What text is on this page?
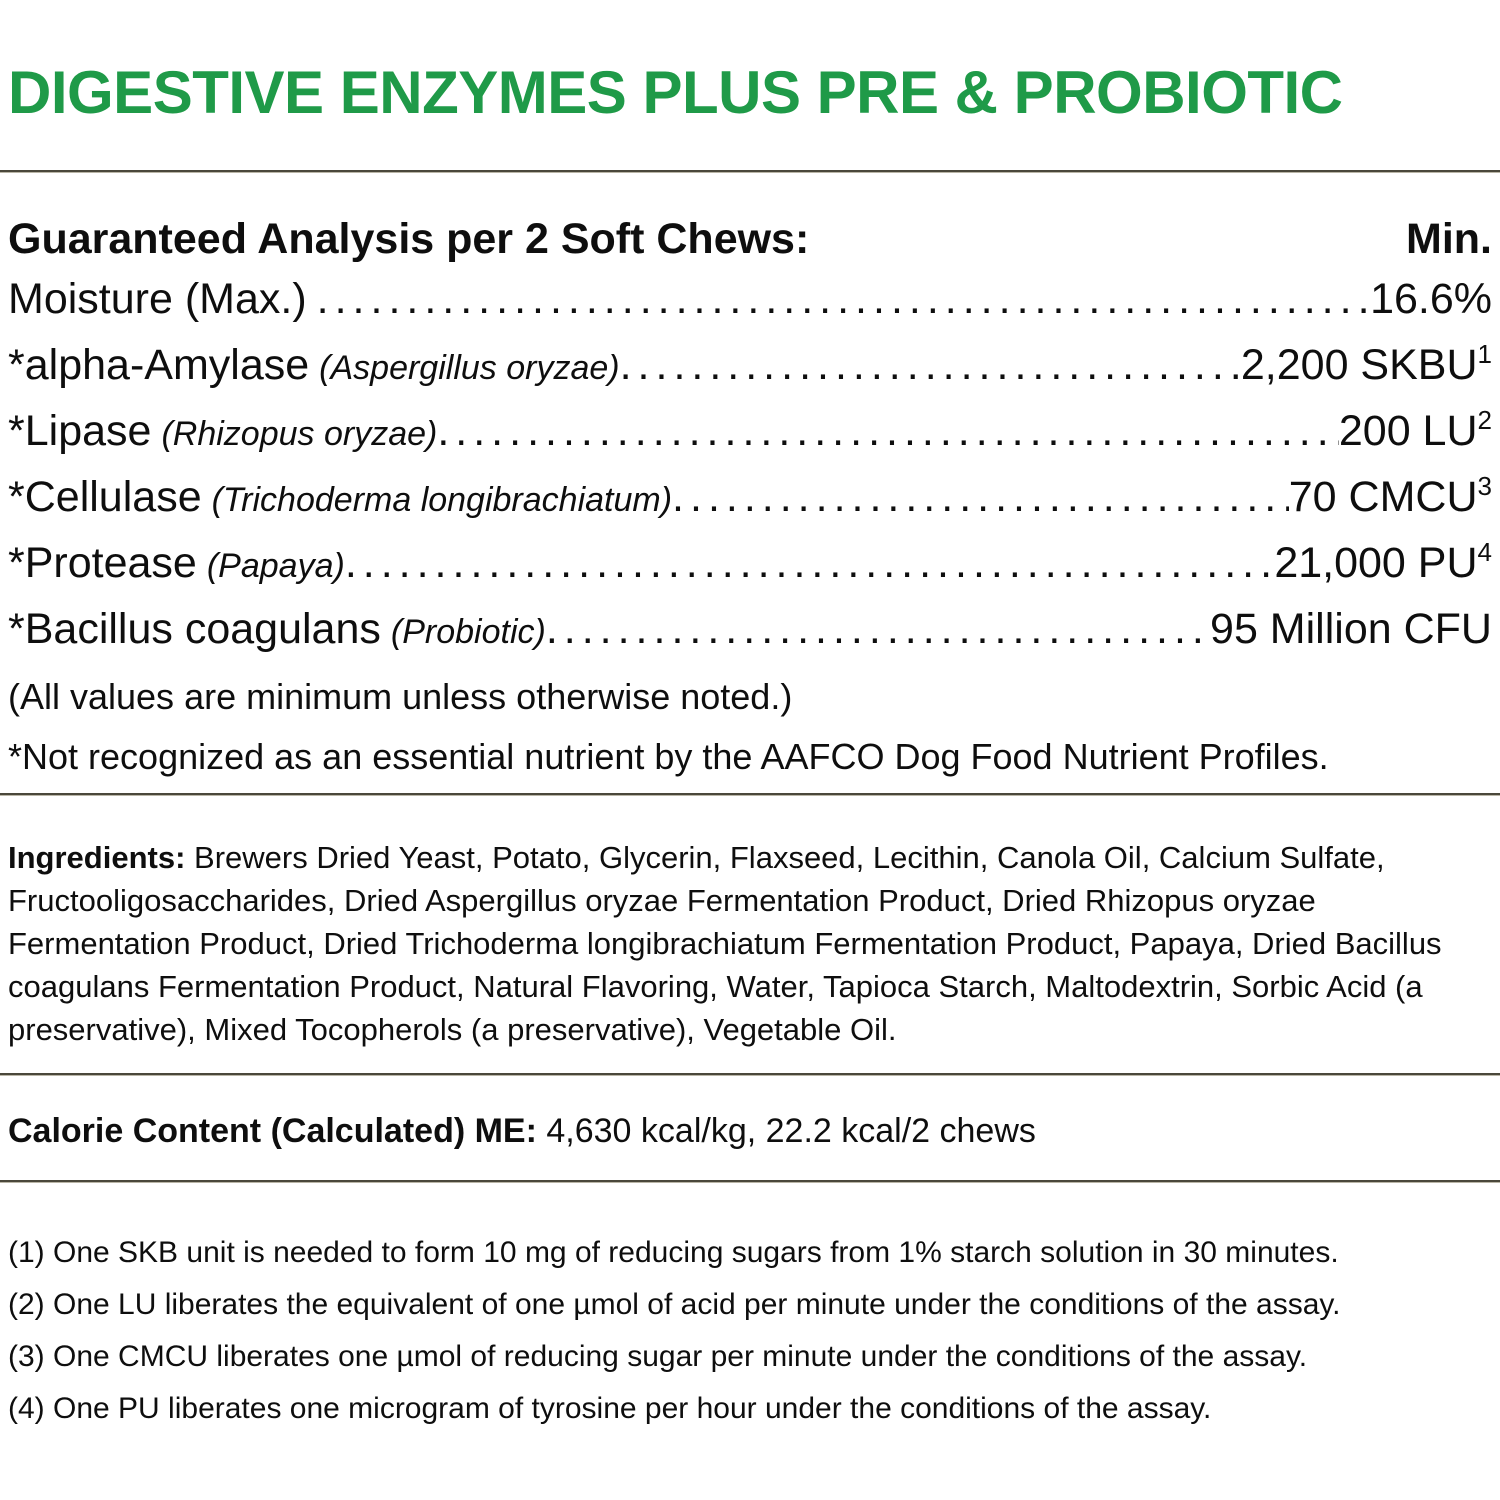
DIGESTIVE ENZYMES PLUS PRE & PROBIOTIC
Guaranteed Analysis per 2 Soft Chews:	Min.
Moisture (Max.) .....	16.6%
*alpha-Amylase (Aspergillus oryzae) .....	2,200 SKBU$^1$
*Lipase (Rhizopus oryzae) .....	200 $LU^2$
*Cellulase (Trichoderma longibrachiatum) .....	70 CMCU$^3$
*Protease (Papaya) .....	21,000 $PU^4$
*Bacillus coagulans (Probiotic) .....	95 Million CFU

(All values are minimum unless otherwise noted.)

*Not recognized as an essential nutrient by the AAFCO Dog Food Nutrient Profiles.

Ingredients: Brewers Dried Yeast, Potato, Glycerin, Flaxseed, Lecithin, Canola Oil, Calcium Sulfate, Fructooligosaccharides, Dried Aspergillus oryzae Fermentation Product, Dried Rhizopus oryzae Fermentation Product, Dried Trichoderma longibrachiatum Fermentation Product, Papaya, Dried Bacillus coagulans Fermentation Product, Natural Flavoring, Water, Tapioca Starch, Maltodextrin, Sorbic Acid (a preservative), Mixed Tocopherols (a preservative), Vegetable Oil.

Calorie Content (Calculated) ME: 4,630 kcal/kg, 22.2 kcal/2 chews

(1) One SKB unit is needed to form 10 mg of reducing sugars from 1% starch solution in 30 minutes.

(2) One LU liberates the equivalent of one µmol of acid per minute under the conditions of the assay.

(3) One CMCU liberates one µmol of reducing sugar per minute under the conditions of the assay.

(4) One PU liberates one microgram of tyrosine per hour under the conditions of the assay.
